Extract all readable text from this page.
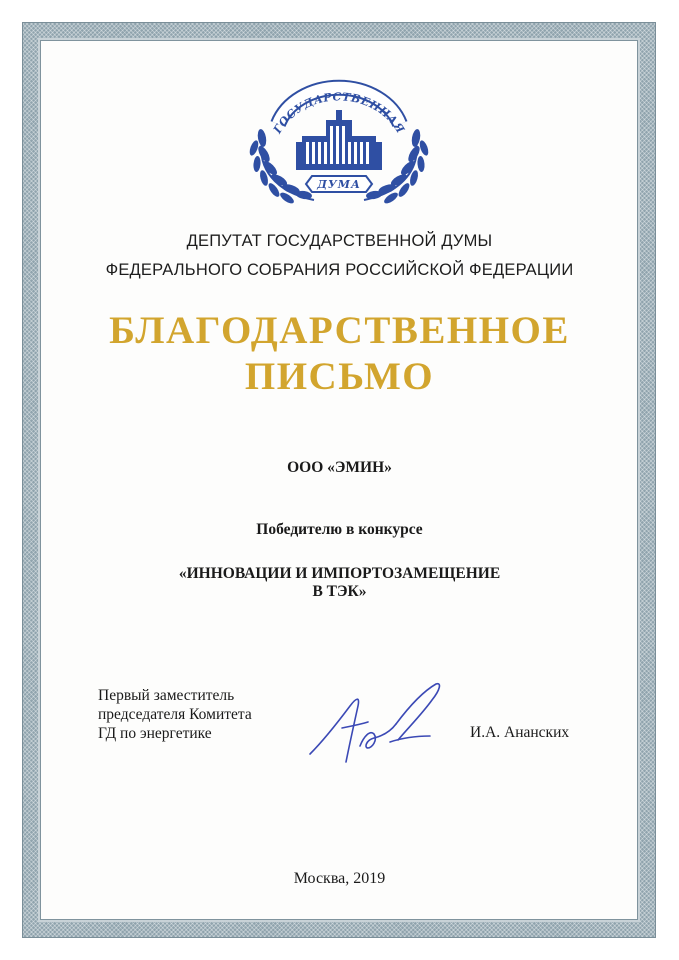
ГОСУДАРСТВЕННАЯ
ДУМА
ДЕПУТАТ ГОСУДАРСТВЕННОЙ ДУМЫ
ФЕДЕРАЛЬНОГО СОБРАНИЯ РОССИЙСКОЙ ФЕДЕРАЦИИ
БЛАГОДАРСТВЕННОЕ
ПИСЬМО
ООО «ЭМИН»
Победителю в конкурсе
«ИННОВАЦИИ И ИМПОРТОЗАМЕЩЕНИЕ
В ТЭК»
Первый заместитель
председателя Комитета
ГД по энергетике	И.А. Ананских
Москва, 2019
